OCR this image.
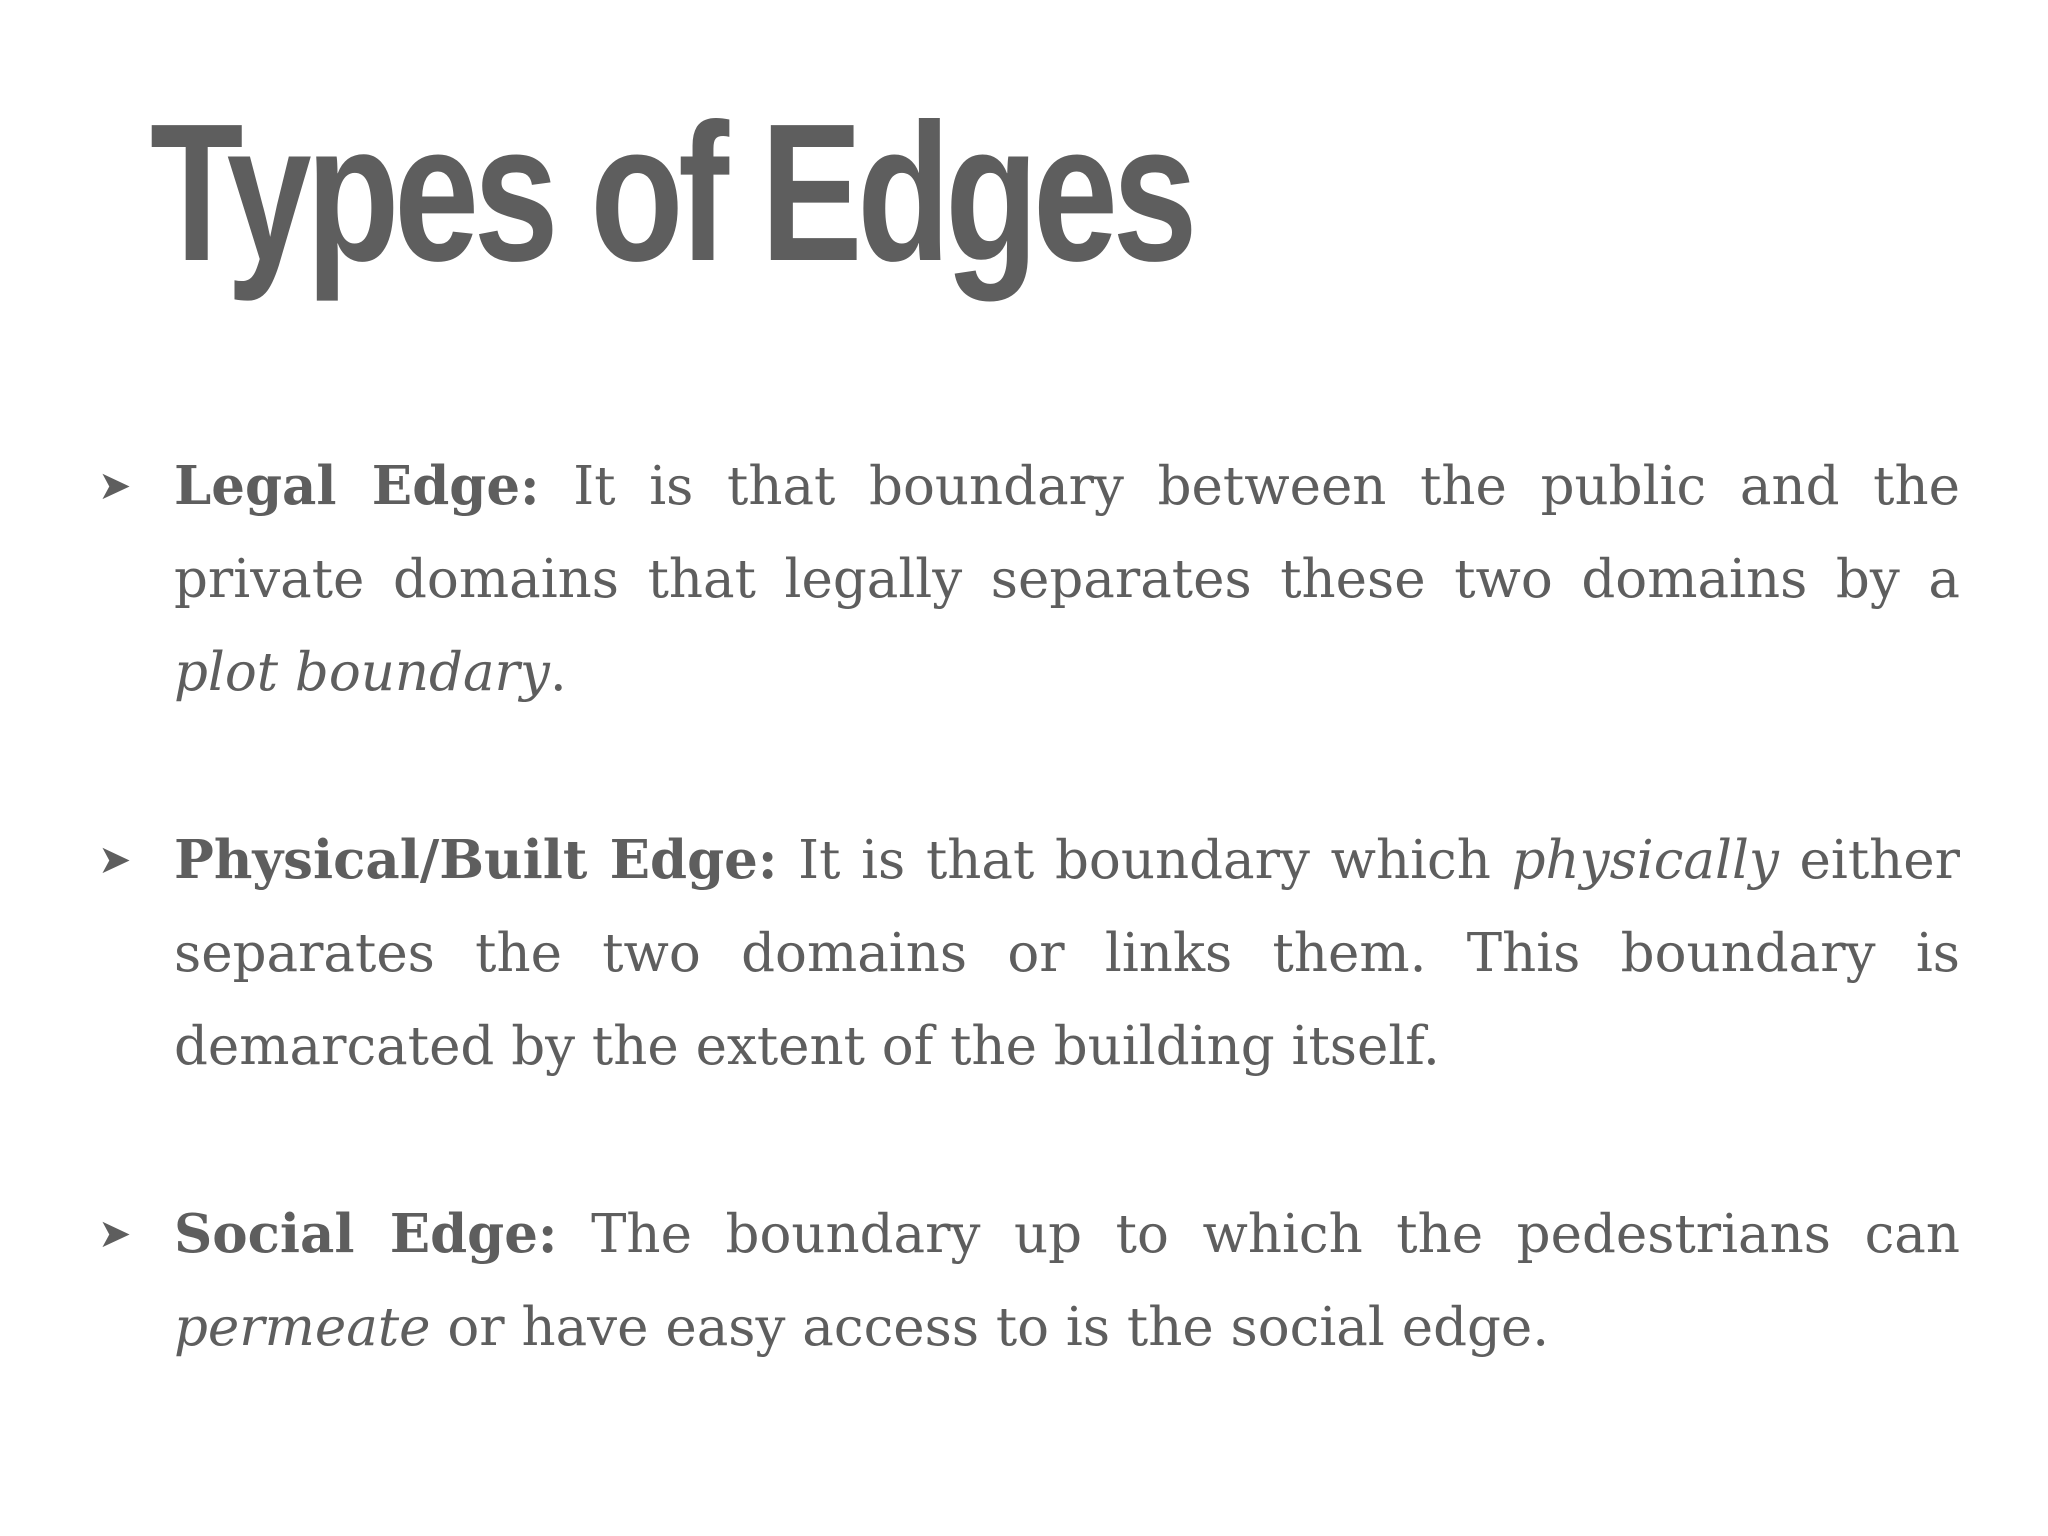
Types of Edges
➤ Legal Edge: It is that boundary between the public and the private domains that legally separates these two domains by a plot boundary.
➤ Physical/Built Edge: It is that boundary which physically either separates the two domains or links them. This boundary is demarcated by the extent of the building itself.
➤ Social Edge: The boundary up to which the pedestrians can permeate or have easy access to is the social edge.
